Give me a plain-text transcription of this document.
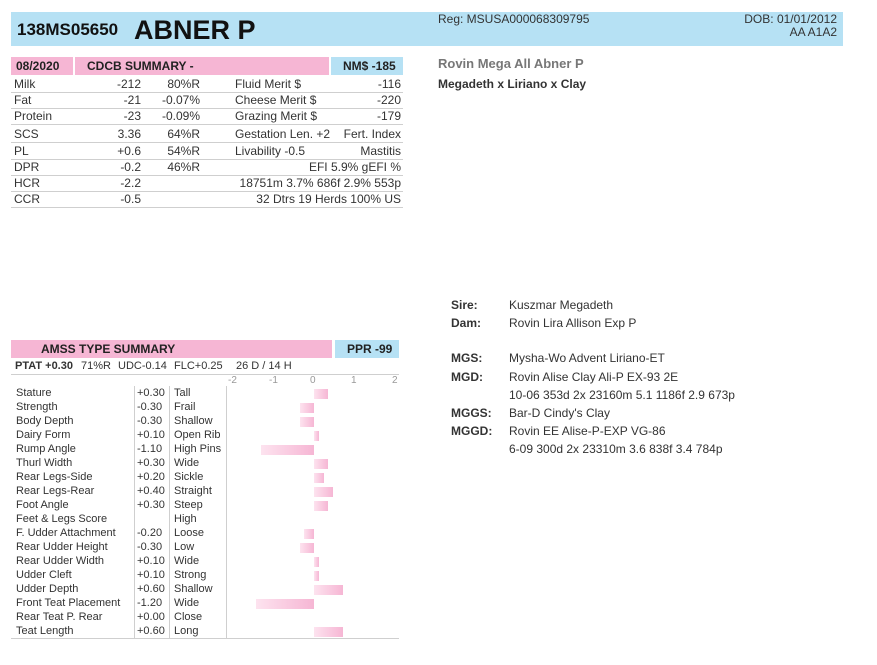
138MS05650 ABNER P	Reg: MSUSA000068309795	DOB: 01/01/2012
AA A1A2
08/2020 CDCB SUMMARY -	NM$ -185
Milk	-212 80%R	Fluid Merit $	-116
Fat	-21 -0.07%	Cheese Merit $	-220
Protein	-23 -0.09%	Grazing Merit $	-179
SCS	3.36 64%R	Gestation Len. +2 Fert. Index
PL	+0.6 54%R	Livability -0.5	Mastitis
DPR	-0.2 46%R	EFI 5.9% gEFI %
HCR	-2.2	18751m 3.7% 686f 2.9% 553p
CCR	-0.5	32 Dtrs 19 Herds 100% US
Rovin Mega All Abner P
Megadeth x Liriano x Clay
Sire:	Kuszmar Megadeth
Dam: Rovin Lira Allison Exp P
MGS: Mysha-Wo Advent Liriano-ET
MGD: Rovin Alise Clay Ali-P EX-93 2E
10-06 353d 2x 23160m 5.1 1186f 2.9 673p
MGGS: Bar-D Cindy's Clay
MGGD: Rovin EE Alise-P-EXP VG-86
6-09 300d 2x 23310m 3.6 838f 3.4 784p
AMSS TYPE SUMMARY	PPR -99
PTAT +0.30 71%R UDC-0.14 FLC+0.25 26 D / 14 H
-2	-1	0	1	2
Stature	+0.30 Tall
Strength	-0.30 Frail
Body Depth	-0.30 Shallow
Dairy Form	+0.10 Open Rib
Rump Angle	-1.10 High Pins
Thurl Width	+0.30 Wide
Rear Legs-Side	+0.20 Sickle
Rear Legs-Rear	+0.40 Straight
Foot Angle	+0.30 Steep
Feet & Legs Score	High
F. Udder Attachment -0.20 Loose
Rear Udder Height	-0.30 Low
Rear Udder Width	+0.10 Wide
Udder Cleft	+0.10 Strong
Udder Depth	+0.60 Shallow
Front Teat Placement -1.20 Wide
Rear Teat P. Rear	+0.00 Close
Teat Length	+0.60 Long
